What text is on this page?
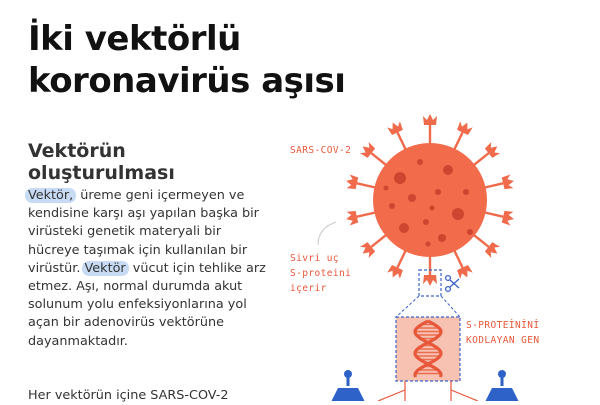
İki vektörlü
koronavirüs aşısı
Vektörün
oluşturulması

Vektör, üreme geni içermeyen ve kendisine karşı aşı yapılan başka bir virüsteki genetik materyali bir hücreye taşımak için kullanılan bir virüstür. Vektör vücut için tehlike arz etmez. Aşı, normal durumda akut solunum yolu enfeksiyonlarına yol açan bir adenovirüs vektörüne dayanmaktadır.

Her vektörün içine SARS-COV-2
SARS-COV-2
Sivri uç
S-proteini
içerir
S-PROTEİNİNİ
KODLAYAN GEN
